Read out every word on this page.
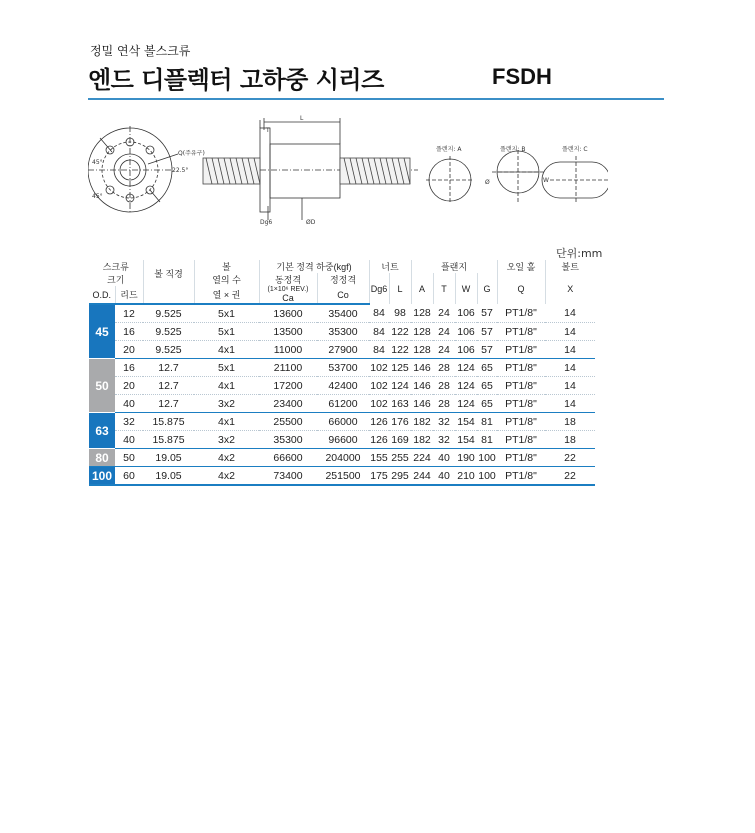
정밀 연삭 볼스크류
엔드 디플렉터 고하중 시리즈	FSDH
Q(주유구)
45°
45°
22.5°
L
T
Dg6	ØD
플랜지: A	플랜지: B	플랜지: C
Ø	W
단위:mm
스크류		볼 직경	볼	기본 정격 하중(kgf)		너트		플랜지				오일 홀	볼트
크기			열의 수	동정격	정정격	Dg6	L	A	T	W	G	Q	X
O.D.	리드		열 × 권	(1×10⁶ REV.)
Ca	Co								
45	12	9.525	5x1	13600	35400	84	98	128	24	106	57	PT1/8"	14
	16	9.525	5x1	13500	35300	84	122	128	24	106	57	PT1/8"	14
	20	9.525	4x1	11000	27900	84	122	128	24	106	57	PT1/8"	14
50	16	12.7	5x1	21100	53700	102	125	146	28	124	65	PT1/8"	14
	20	12.7	4x1	17200	42400	102	124	146	28	124	65	PT1/8"	14
	40	12.7	3x2	23400	61200	102	163	146	28	124	65	PT1/8"	14
63	32	15.875	4x1	25500	66000	126	176	182	32	154	81	PT1/8"	18
	40	15.875	3x2	35300	96600	126	169	182	32	154	81	PT1/8"	18
80	50	19.05	4x2	66600	204000	155	255	224	40	190	100	PT1/8"	22
100	60	19.05	4x2	73400	251500	175	295	244	40	210	100	PT1/8"	22
